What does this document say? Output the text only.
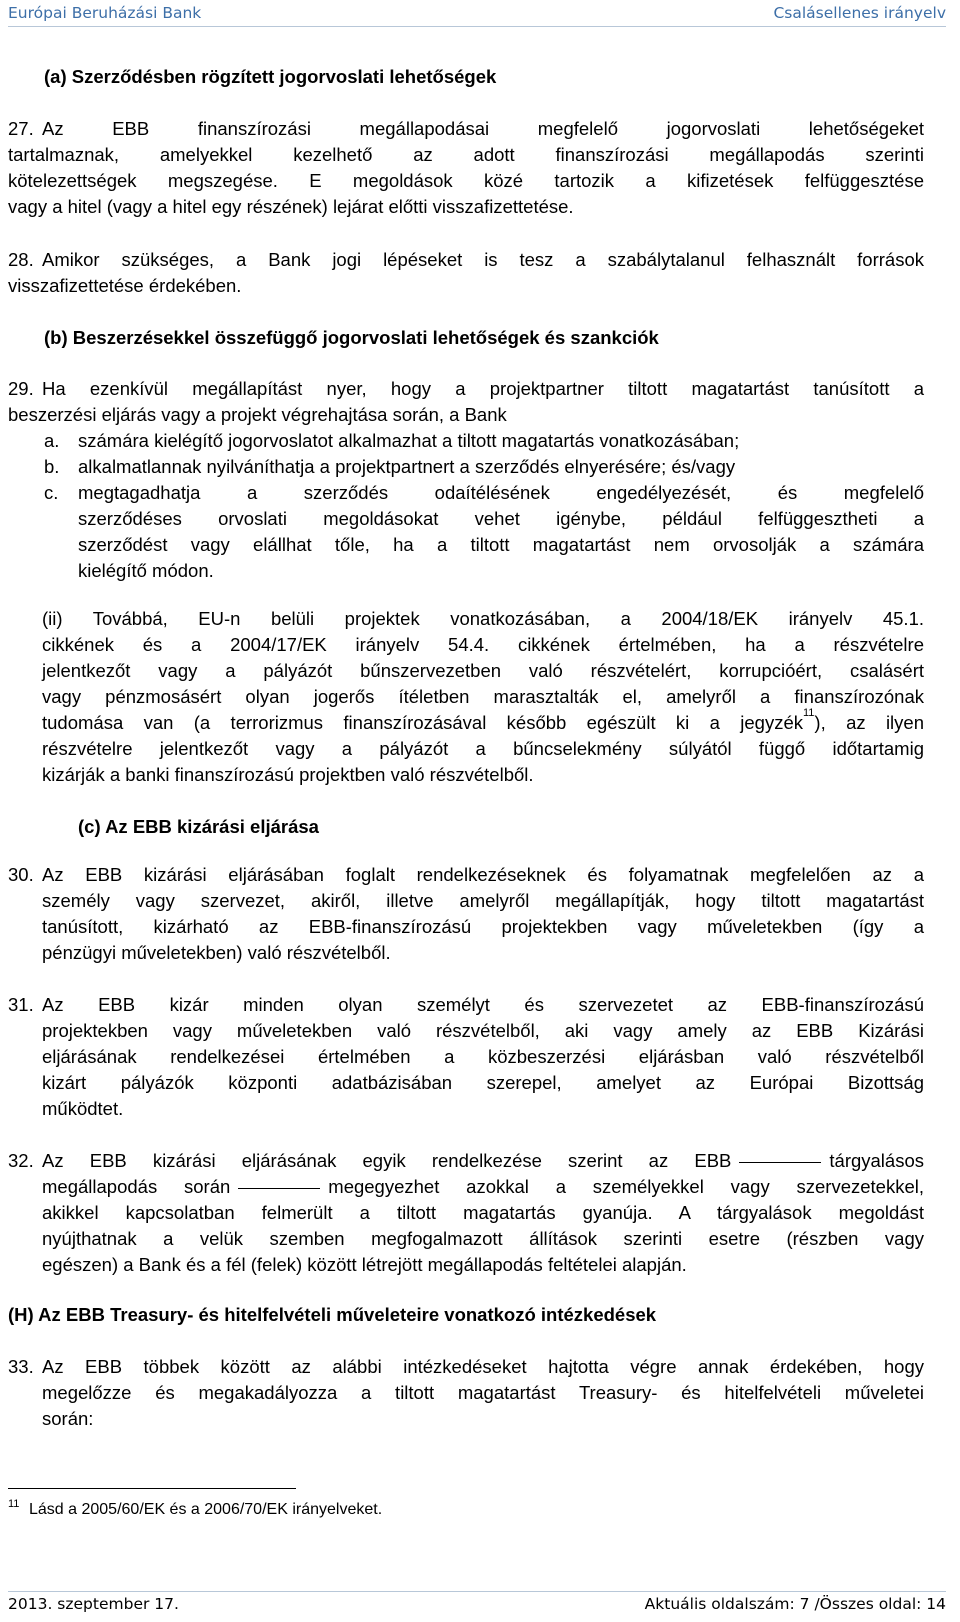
Európai Beruházási Bank	Csalásellenes irányelv
(a) Szerződésben rögzített jogorvoslati lehetőségek
27. Az EBB finanszírozási megállapodásai megfelelő jogorvoslati lehetőségeket
tartalmaznak, amelyekkel kezelhető az adott finanszírozási megállapodás szerinti
kötelezettségek megszegése. E megoldások közé tartozik a kifizetések felfüggesztése
vagy a hitel (vagy a hitel egy részének) lejárat előtti visszafizettetése.
28. Amikor szükséges, a Bank jogi lépéseket is tesz a szabálytalanul felhasznált források
visszafizettetése érdekében.
(b) Beszerzésekkel összefüggő jogorvoslati lehetőségek és szankciók
29. Ha ezenkívül megállapítást nyer, hogy a projektpartner tiltott magatartást tanúsított a
beszerzési eljárás vagy a projekt végrehajtása során, a Bank
a. számára kielégítő jogorvoslatot alkalmazhat a tiltott magatartás vonatkozásában;
b. alkalmatlannak nyilváníthatja a projektpartnert a szerződés elnyerésére; és/vagy
c. megtagadhatja a szerződés odaítélésének engedélyezését, és megfelelő
szerződéses orvoslati megoldásokat vehet igénybe, például felfüggesztheti a
szerződést vagy elállhat tőle, ha a tiltott magatartást nem orvosolják a számára
kielégítő módon.
(ii) Továbbá, EU-n belüli projektek vonatkozásában, a 2004/18/EK irányelv 45.1.
cikkének és a 2004/17/EK irányelv 54.4. cikkének értelmében, ha a részvételre
jelentkezőt vagy a pályázót bűnszervezetben való részvételért, korrupcióért, csalásért
vagy pénzmosásért olyan jogerős ítéletben marasztalták el, amelyről a finanszírozónak
tudomása van (a terrorizmus finanszírozásával később egészült ki a jegyzék$^{11}$), az ilyen
részvételre jelentkezőt vagy a pályázót a bűncselekmény súlyától függő időtartamig
kizárják a banki finanszírozású projektben való részvételből.
(c) Az EBB kizárási eljárása
30. Az EBB kizárási eljárásában foglalt rendelkezéseknek és folyamatnak megfelelően az a
személy vagy szervezet, akiről, illetve amelyről megállapítják, hogy tiltott magatartást
tanúsított, kizárható az EBB-finanszírozású projektekben vagy műveletekben (így a
pénzügyi műveletekben) való részvételből.
31. Az EBB kizár minden olyan személyt és szervezetet az EBB-finanszírozású
projektekben vagy műveletekben való részvételből, aki vagy amely az EBB Kizárási
eljárásának rendelkezései értelmében a közbeszerzési eljárásban való részvételből
kizárt pályázók központi adatbázisában szerepel, amelyet az Európai Bizottság
működtet.
32. Az EBB kizárási eljárásának egyik rendelkezése szerint az EBB	tárgyalásos
megállapodás során	megegyezhet azokkal a személyekkel vagy szervezetekkel,
akikkel kapcsolatban felmerült a tiltott magatartás gyanúja. A tárgyalások megoldást
nyújthatnak a velük szemben megfogalmazott állítások szerinti esetre (részben vagy
egészen) a Bank és a fél (felek) között létrejött megállapodás feltételei alapján.
(H) Az EBB Treasury- és hitelfelvételi műveleteire vonatkozó intézkedések
33. Az EBB többek között az alábbi intézkedéseket hajtotta végre annak érdekében, hogy
megelőzze és megakadályozza a tiltott magatartást Treasury- és hitelfelvételi műveletei
során:
11 Lásd a 2005/60/EK és a 2006/70/EK irányelveket.
2013. szeptember 17.	Aktuális oldalszám: 7 /Összes oldal: 14
